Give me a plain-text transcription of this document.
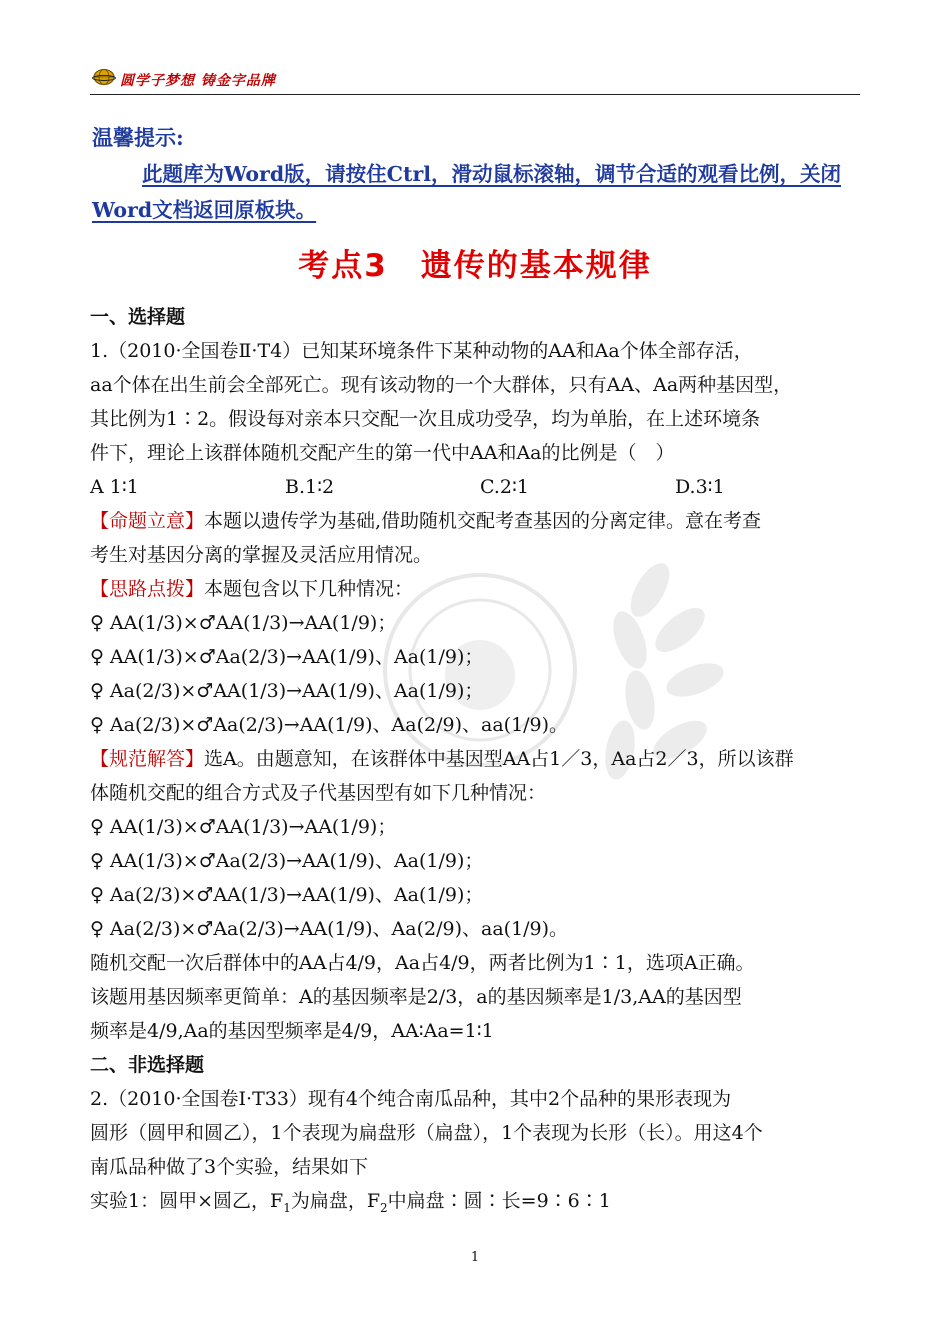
圆学子梦想 铸金字品牌
温馨提示:
此题库为Word版，请按住Ctrl，滑动鼠标滚轴，调节合适的观看比例，关闭Word文档返回原板块。
考点3　遗传的基本规律

一、选择题

1.（2010·全国卷Ⅱ·T4）已知某环境条件下某种动物的AA和Aa个体全部存活，

aa个体在出生前会全部死亡。现有该动物的一个大群体，只有AA、Aa两种基因型，

其比例为1∶2。假设每对亲本只交配一次且成功受孕，均为单胎，在上述环境条

件下，理论上该群体随机交配产生的第一代中AA和Aa的比例是（　）

A 1∶1	B.1∶2	C.2∶1	D.3∶1

【命题立意】本题以遗传学为基础,借助随机交配考查基因的分离定律。意在考查

考生对基因分离的掌握及灵活应用情况。

【思路点拨】本题包含以下几种情况：

♀ AA(1/3)×♂AA(1/3)→AA(1/9)；

♀ AA(1/3)×♂Aa(2/3)→AA(1/9)、Aa(1/9)；

♀ Aa(2/3)×♂AA(1/3)→AA(1/9)、Aa(1/9)；

♀ Aa(2/3)×♂Aa(2/3)→AA(1/9)、Aa(2/9)、aa(1/9)。

【规范解答】选A。由题意知，在该群体中基因型AA占1／3，Aa占2／3，所以该群

体随机交配的组合方式及子代基因型有如下几种情况：

♀ AA(1/3)×♂AA(1/3)→AA(1/9)；

♀ AA(1/3)×♂Aa(2/3)→AA(1/9)、Aa(1/9)；

♀ Aa(2/3)×♂AA(1/3)→AA(1/9)、Aa(1/9)；

♀ Aa(2/3)×♂Aa(2/3)→AA(1/9)、Aa(2/9)、aa(1/9)。

随机交配一次后群体中的AA占4/9，Aa占4/9，两者比例为1∶1，选项A正确。

该题用基因频率更简单：A的基因频率是2/3，a的基因频率是1/3,AA的基因型

频率是4/9,Aa的基因型频率是4/9，AA∶Aa=1∶1

二、非选择题

2.（2010·全国卷Ⅰ·T33）现有4个纯合南瓜品种，其中2个品种的果形表现为

圆形（圆甲和圆乙），1个表现为扁盘形（扁盘），1个表现为长形（长）。用这4个

南瓜品种做了3个实验，结果如下

实验1：圆甲×圆乙，$F_1$为扁盘，$F_2$中扁盘∶圆∶长=9∶6∶1

1
